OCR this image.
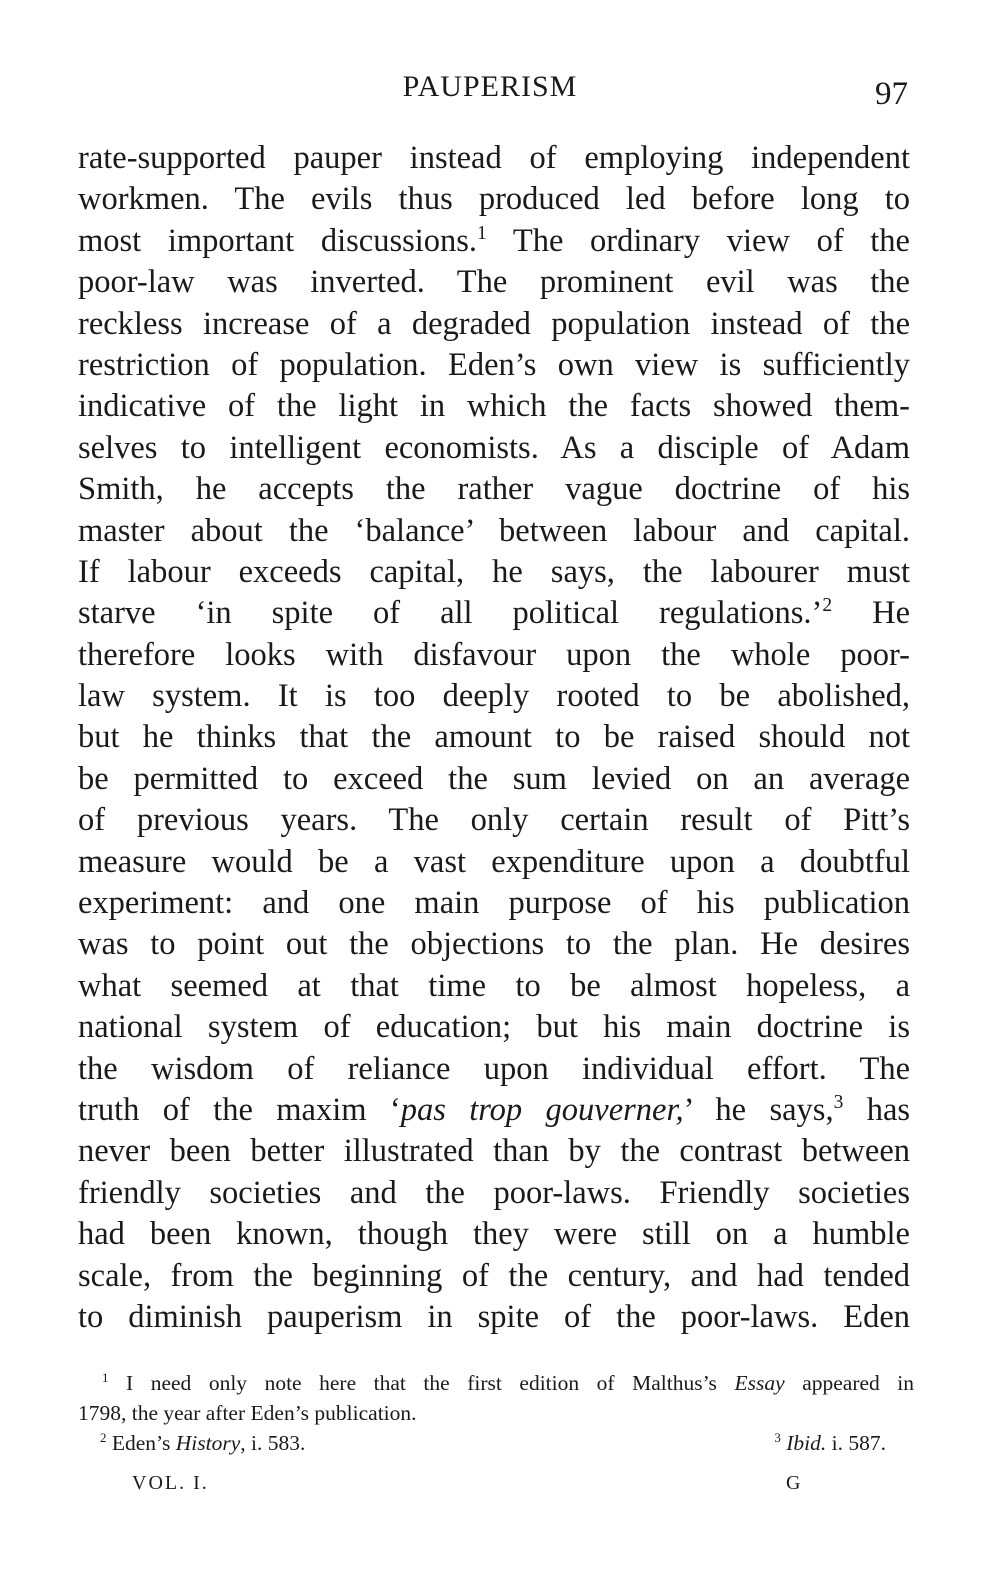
PAUPERISM	97
rate-supported pauper instead of employing independent
workmen. The evils thus produced led before long to
most important discussions.$^1$ The ordinary view of the
poor-law was inverted. The prominent evil was the
reckless increase of a degraded population instead of the
restriction of population. Eden’s own view is sufficiently
indicative of the light in which the facts showed them-
selves to intelligent economists. As a disciple of Adam
Smith, he accepts the rather vague doctrine of his
master about the ‘balance’ between labour and capital.
If labour exceeds capital, he says, the labourer must
starve ‘in spite of all political regulations.’$^2$ He
therefore looks with disfavour upon the whole poor-
law system. It is too deeply rooted to be abolished,
but he thinks that the amount to be raised should not
be permitted to exceed the sum levied on an average
of previous years. The only certain result of Pitt’s
measure would be a vast expenditure upon a doubtful
experiment: and one main purpose of his publication
was to point out the objections to the plan. He desires
what seemed at that time to be almost hopeless, a
national system of education; but his main doctrine is
the wisdom of reliance upon individual effort. The
truth of the maxim ‘pas trop gouverner,’ he says,$^3$ has
never been better illustrated than by the contrast between
friendly societies and the poor-laws. Friendly societies
had been known, though they were still on a humble
scale, from the beginning of the century, and had tended
to diminish pauperism in spite of the poor-laws. Eden
$^1$ I need only note here that the first edition of Malthus’s Essay appeared in
1798, the year after Eden’s publication.
$^2$ Eden’s History, i. 583.	$^3$ Ibid. i. 587.
VOL. I.	G
